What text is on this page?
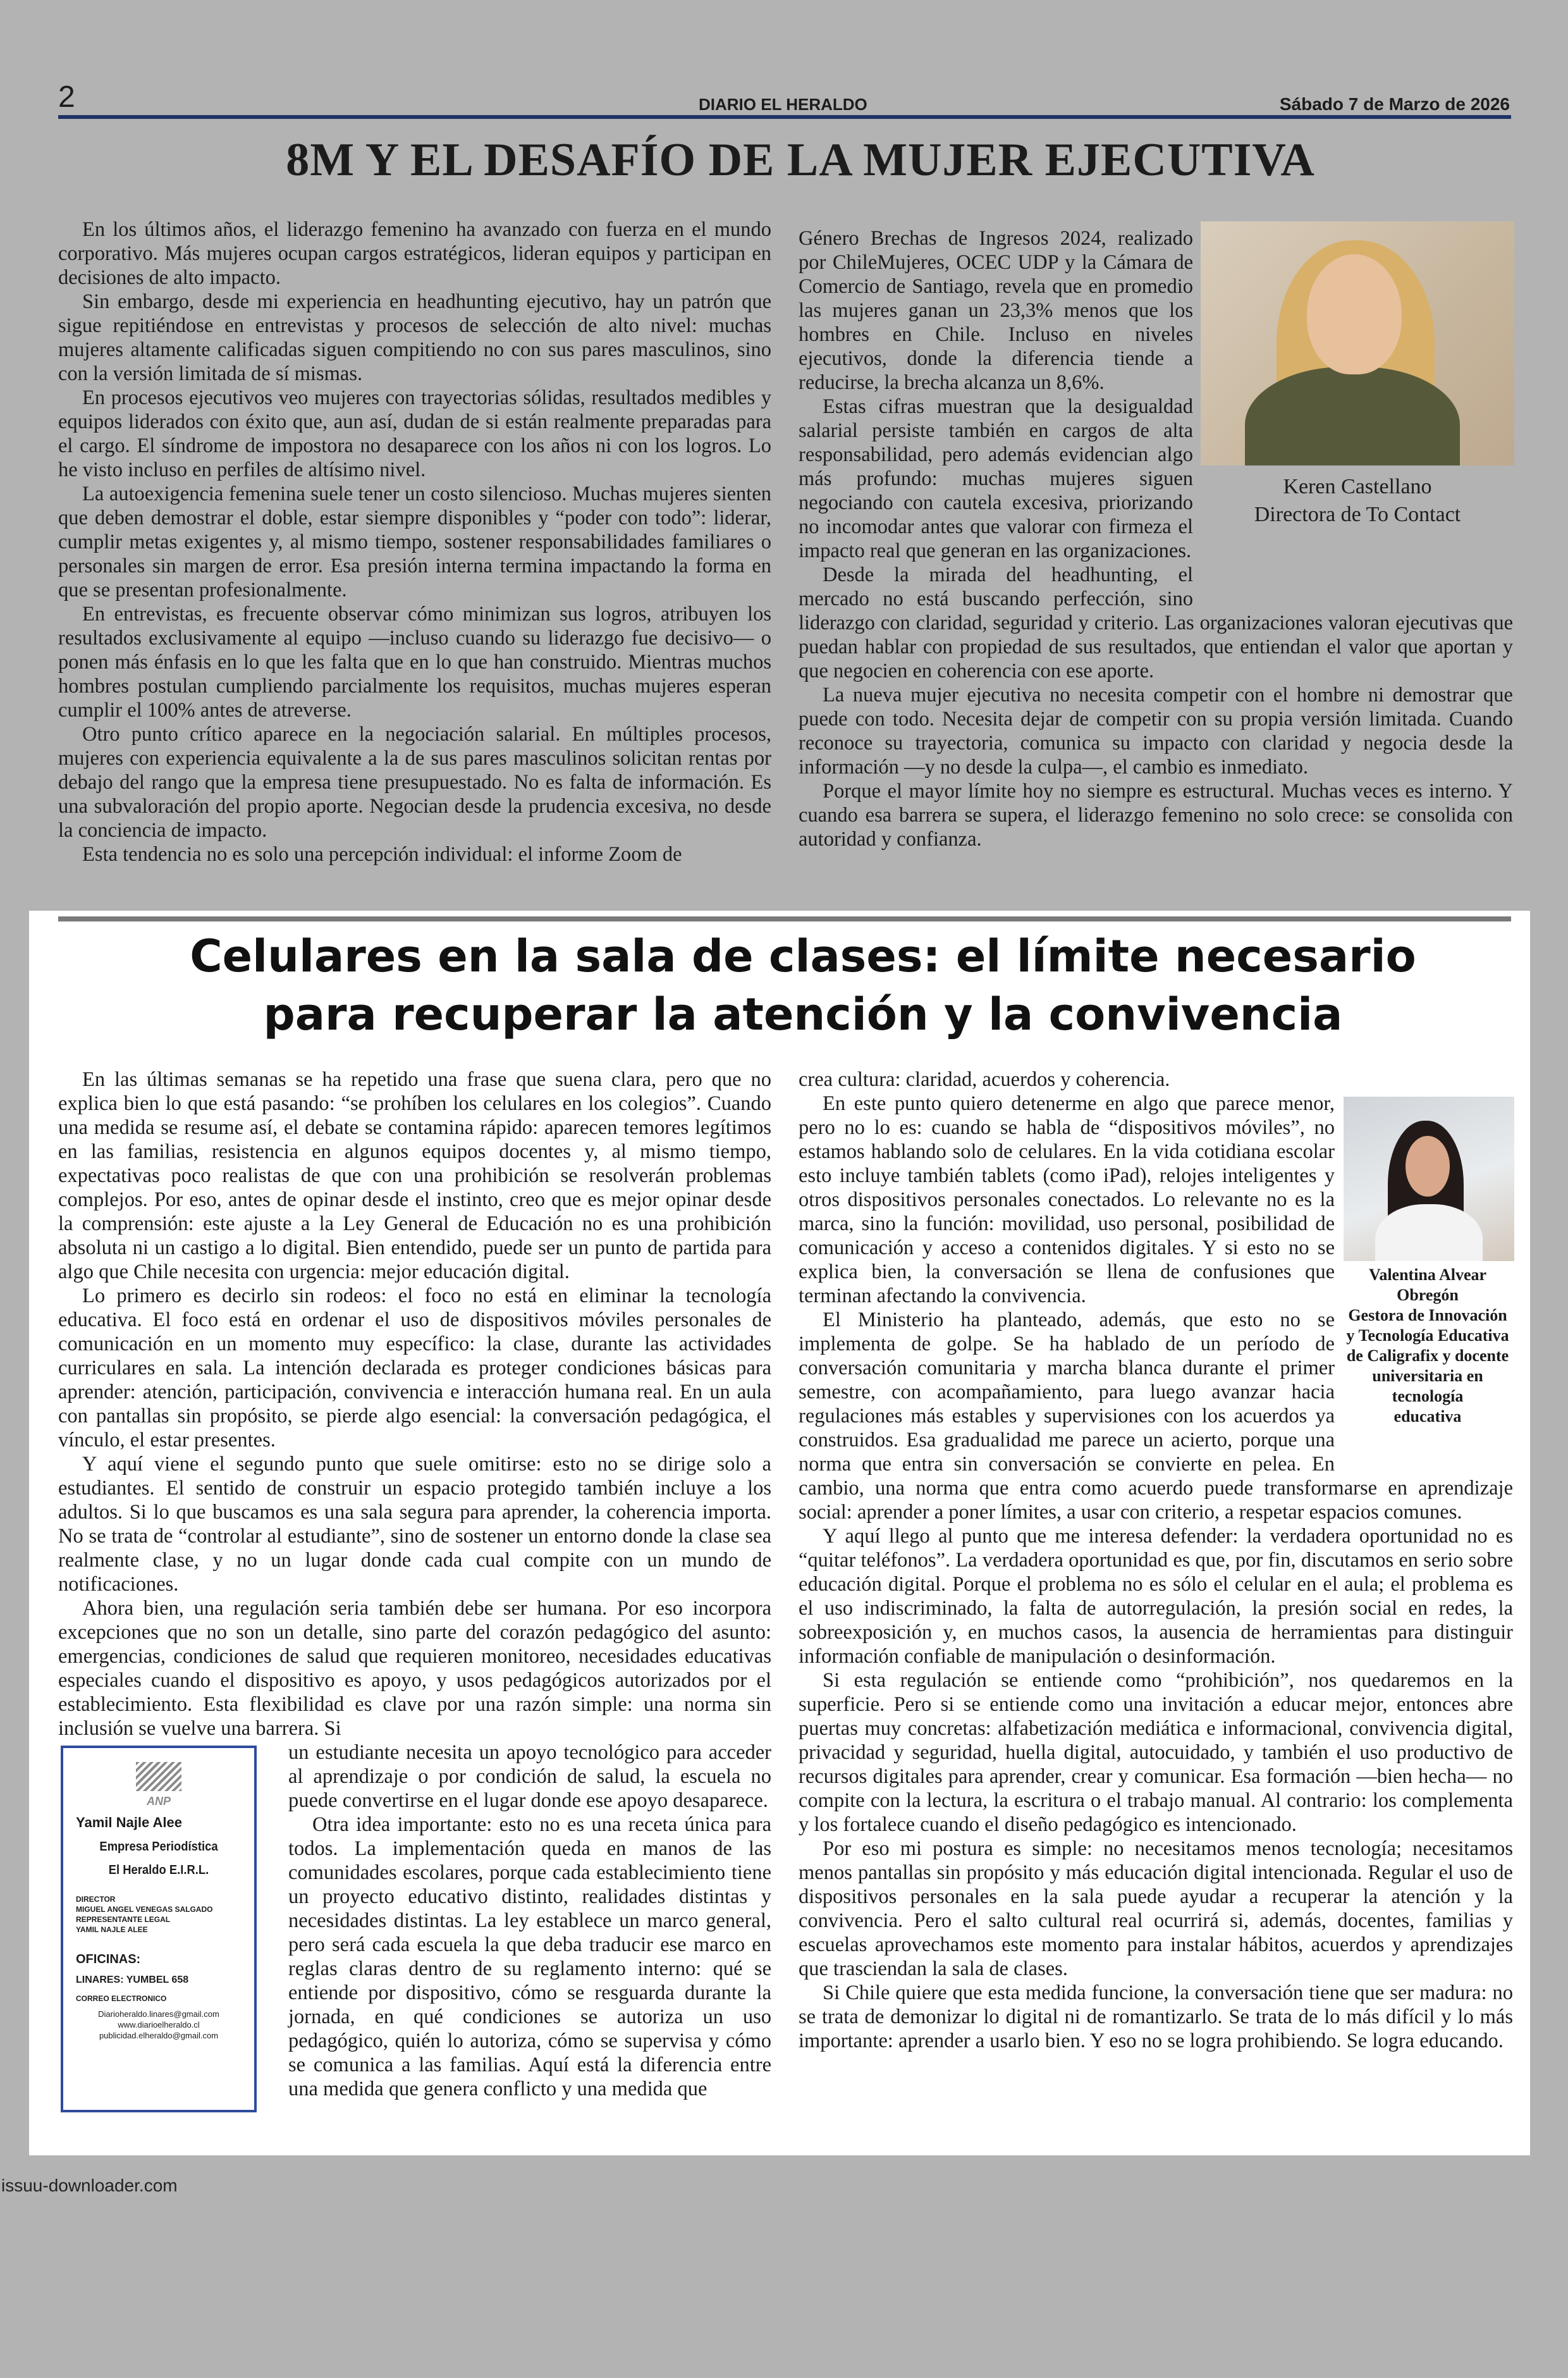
2	DIARIO EL HERALDO	Sábado 7 de Marzo de 2026
8M Y EL DESAFÍO DE LA MUJER EJECUTIVA

En los últimos años, el liderazgo femenino ha avanzado con fuerza en el mundo corporativo. Más mujeres ocupan cargos estratégicos, lideran equipos y participan en decisiones de alto impacto.

Sin embargo, desde mi experiencia en headhunting ejecutivo, hay un patrón que sigue repitiéndose en entrevistas y procesos de selección de alto nivel: muchas mujeres altamente calificadas siguen compitiendo no con sus pares masculinos, sino con la versión limitada de sí mismas.

En procesos ejecutivos veo mujeres con trayectorias sólidas, resultados medibles y equipos liderados con éxito que, aun así, dudan de si están realmente preparadas para el cargo. El síndrome de impostora no desaparece con los años ni con los logros. Lo he visto incluso en perfiles de altísimo nivel.

La autoexigencia femenina suele tener un costo silencioso. Muchas mujeres sienten que deben demostrar el doble, estar siempre disponibles y “poder con todo”: liderar, cumplir metas exigentes y, al mismo tiempo, sostener responsabilidades familiares o personales sin margen de error. Esa presión interna termina impactando la forma en que se presentan profesionalmente.

En entrevistas, es frecuente observar cómo minimizan sus logros, atribuyen los resultados exclusivamente al equipo —incluso cuando su liderazgo fue decisivo— o ponen más énfasis en lo que les falta que en lo que han construido. Mientras muchos hombres postulan cumpliendo parcialmente los requisitos, muchas mujeres esperan cumplir el 100% antes de atreverse.

Otro punto crítico aparece en la negociación salarial. En múltiples procesos, mujeres con experiencia equivalente a la de sus pares masculinos solicitan rentas por debajo del rango que la empresa tiene presupuestado. No es falta de información. Es una subvaloración del propio aporte. Negocian desde la prudencia excesiva, no desde la conciencia de impacto.

Esta tendencia no es solo una percepción individual: el informe Zoom de

Keren Castellano
Directora de To Contact

Género Brechas de Ingresos 2024, realizado por ChileMujeres, OCEC UDP y la Cámara de Comercio de Santiago, revela que en promedio las mujeres ganan un 23,3% menos que los hombres en Chile. Incluso en niveles ejecutivos, donde la diferencia tiende a reducirse, la brecha alcanza un 8,6%.

Estas cifras muestran que la desigualdad salarial persiste también en cargos de alta responsabilidad, pero además evidencian algo más profundo: muchas mujeres siguen negociando con cautela excesiva, priorizando no incomodar antes que valorar con firmeza el impacto real que generan en las organizaciones.

Desde la mirada del headhunting, el mercado no está buscando perfección, sino liderazgo con claridad, seguridad y criterio. Las organizaciones valoran ejecutivas que puedan hablar con propiedad de sus resultados, que entiendan el valor que aportan y que negocien en coherencia con ese aporte.

La nueva mujer ejecutiva no necesita competir con el hombre ni demostrar que puede con todo. Necesita dejar de competir con su propia versión limitada. Cuando reconoce su trayectoria, comunica su impacto con claridad y negocia desde la información —y no desde la culpa—, el cambio es inmediato.

Porque el mayor límite hoy no siempre es estructural. Muchas veces es interno. Y cuando esa barrera se supera, el liderazgo femenino no solo crece: se consolida con autoridad y confianza.

Celulares en la sala de clases: el límite necesario
para recuperar la atención y la convivencia

En las últimas semanas se ha repetido una frase que suena clara, pero que no explica bien lo que está pasando: “se prohíben los celulares en los colegios”. Cuando una medida se resume así, el debate se contamina rápido: aparecen temores legítimos en las familias, resistencia en algunos equipos docentes y, al mismo tiempo, expectativas poco realistas de que con una prohibición se resolverán problemas complejos. Por eso, antes de opinar desde el instinto, creo que es mejor opinar desde la comprensión: este ajuste a la Ley General de Educación no es una prohibición absoluta ni un castigo a lo digital. Bien entendido, puede ser un punto de partida para algo que Chile necesita con urgencia: mejor educación digital.

Lo primero es decirlo sin rodeos: el foco no está en eliminar la tecnología educativa. El foco está en ordenar el uso de dispositivos móviles personales de comunicación en un momento muy específico: la clase, durante las actividades curriculares en sala. La intención declarada es proteger condiciones básicas para aprender: atención, participación, convivencia e interacción humana real. En un aula con pantallas sin propósito, se pierde algo esencial: la conversación pedagógica, el vínculo, el estar presentes.

Y aquí viene el segundo punto que suele omitirse: esto no se dirige solo a estudiantes. El sentido de construir un espacio protegido también incluye a los adultos. Si lo que buscamos es una sala segura para aprender, la coherencia importa. No se trata de “controlar al estudiante”, sino de sostener un entorno donde la clase sea realmente clase, y no un lugar donde cada cual compite con un mundo de notificaciones.

Ahora bien, una regulación seria también debe ser humana. Por eso incorpora excepciones que no son un detalle, sino parte del corazón pedagógico del asunto: emergencias, condiciones de salud que requieren monitoreo, necesidades educativas especiales cuando el dispositivo es apoyo, y usos pedagógicos autorizados por el establecimiento. Esta flexibilidad es clave por una razón simple: una norma sin inclusión se vuelve una barrera. Si

un estudiante necesita un apoyo tecnológico para acceder al aprendizaje o por condición de salud, la escuela no puede convertirse en el lugar donde ese apoyo desaparece.

Otra idea importante: esto no es una receta única para todos. La implementación queda en manos de las comunidades escolares, porque cada establecimiento tiene un proyecto educativo distinto, realidades distintas y necesidades distintas. La ley establece un marco general, pero será cada escuela la que deba traducir ese marco en reglas claras dentro de su reglamento interno: qué se entiende por dispositivo, cómo se resguarda durante la jornada, en qué condiciones se autoriza un uso pedagógico, quién lo autoriza, cómo se supervisa y cómo se comunica a las familias. Aquí está la diferencia entre una medida que genera conflicto y una medida que

crea cultura: claridad, acuerdos y coherencia.

Valentina Alvear Obregón
Gestora de Innovación
y Tecnología Educativa
de Caligrafix y docente
universitaria en tecnología
educativa

En este punto quiero detenerme en algo que parece menor, pero no lo es: cuando se habla de “dispositivos móviles”, no estamos hablando solo de celulares. En la vida cotidiana escolar esto incluye también tablets (como iPad), relojes inteligentes y otros dispositivos personales conectados. Lo relevante no es la marca, sino la función: movilidad, uso personal, posibilidad de comunicación y acceso a contenidos digitales. Y si esto no se explica bien, la conversación se llena de confusiones que terminan afectando la convivencia.

El Ministerio ha planteado, además, que esto no se implementa de golpe. Se ha hablado de un período de conversación comunitaria y marcha blanca durante el primer semestre, con acompañamiento, para luego avanzar hacia regulaciones más estables y supervisiones con los acuerdos ya construidos. Esa gradualidad me parece un acierto, porque una norma que entra sin conversación se convierte en pelea. En cambio, una norma que entra como acuerdo puede transformarse en aprendizaje social: aprender a poner límites, a usar con criterio, a respetar espacios comunes.

Y aquí llego al punto que me interesa defender: la verdadera oportunidad no es “quitar teléfonos”. La verdadera oportunidad es que, por fin, discutamos en serio sobre educación digital. Porque el problema no es sólo el celular en el aula; el problema es el uso indiscriminado, la falta de autorregulación, la presión social en redes, la sobreexposición y, en muchos casos, la ausencia de herramientas para distinguir información confiable de manipulación o desinformación.

Si esta regulación se entiende como “prohibición”, nos quedaremos en la superficie. Pero si se entiende como una invitación a educar mejor, entonces abre puertas muy concretas: alfabetización mediática e informacional, convivencia digital, privacidad y seguridad, huella digital, autocuidado, y también el uso productivo de recursos digitales para aprender, crear y comunicar. Esa formación —bien hecha— no compite con la lectura, la escritura o el trabajo manual. Al contrario: los complementa y los fortalece cuando el diseño pedagógico es intencionado.

Por eso mi postura es simple: no necesitamos menos tecnología; necesitamos menos pantallas sin propósito y más educación digital intencionada. Regular el uso de dispositivos personales en la sala puede ayudar a recuperar la atención y la convivencia. Pero el salto cultural real ocurrirá si, además, docentes, familias y escuelas aprovechamos este momento para instalar hábitos, acuerdos y aprendizajes que trasciendan la sala de clases.

Si Chile quiere que esta medida funcione, la conversación tiene que ser madura: no se trata de demonizar lo digital ni de romantizarlo. Se trata de lo más difícil y lo más importante: aprender a usarlo bien. Y eso no se logra prohibiendo. Se logra educando.

ANP
Yamil Najle Alee
Empresa Periodística
El Heraldo E.I.R.L.
DIRECTOR
MIGUEL ANGEL VENEGAS SALGADO
REPRESENTANTE LEGAL
YAMIL NAJLE ALEE
OFICINAS:
LINARES: YUMBEL 658
CORREO ELECTRONICO
Diarioheraldo.linares@gmail.com
www.diarioelheraldo.cl
publicidad.elheraldo@gmail.com
issuu-downloader.com
